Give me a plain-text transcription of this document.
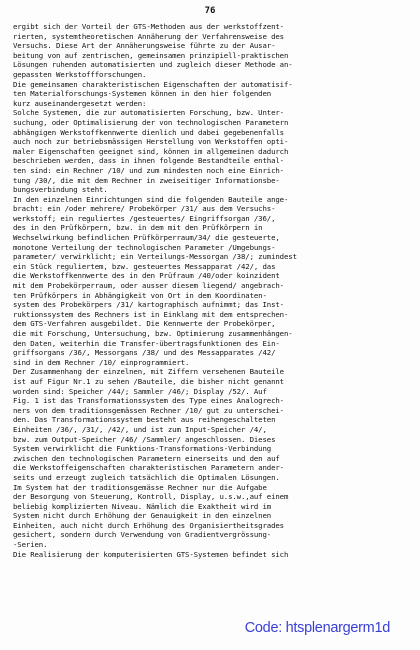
76
ergibt sich der Vorteil der GTS-Methoden aus der werkstoffzent-
rierten, systemtheoretischen Annäherung der Verfahrensweise des
Versuchs. Diese Art der Annäherungsweise führte zu der Ausar-
beitung von auf zentrischen, gemeinsamen prinzipiell-praktischen
Lösungen ruhenden automatisierten und zugleich dieser Methode an-
gepassten Werkstoffforschungen.
Die gemeinsamen charakteristischen Eigenschaften der automatisif-
ten Materialforschungs-Systemen können in den hier folgenden
kurz auseinandergesetzt werden:
Solche Systemen, die zur automatisierten Forschung, bzw. Unter-
suchung, oder Optimalisierung der von technologischen Parametern
abhängigen Werkstoffkennwerte dienlich und dabei gegebenenfalls
auch noch zur betriebsmässigen Herstellung von Werkstoffen opti-
maler Eigenschaften geeignet sind, können im allgemeinen dadurch
beschrieben werden, dass in ihnen folgende Bestandteile enthal-
ten sind: ein Rechner /10/ und zum mindesten noch eine Einrich-
tung /30/, die mit dem Rechner in zweiseitiger Informationsbe-
bungsverbindung steht.
In den einzelnen Einrichtungen sind die folgenden Bauteile ange-
bracht: ein /oder mehrere/ Probekörper /31/ aus dem Versuchs-
werkstoff; ein reguliertes /gesteuertes/ Eingriffsorgan /36/,
des in den Prüfkörpern, bzw. in dem mit den Prüfkörpern in
Wechselwirkung befindlichen Prüfkörperraum/34/ die gesteuerte,
monotone Verteilung der technologischen Parameter /Umgebungs-
parameter/ verwirklicht; ein Verteilungs-Messorgan /38/; zumindest
ein Stück reguliertem, bzw. gesteuertes Messapparat /42/, das
die Werkstoffkennwerte des in den Prüfraum /40/oder koinzident
mit dem Probekörperraum, oder ausser diesem liegend/ angebrach-
ten Prüfkörpers in Abhängigkeit von Ort in dem Koordinaten-
system des Probekörpers /31/ kartographisch aufnimmt; das Inst-
ruktionssystem des Rechners ist in Einklang mit dem entsprechen-
dem GTS-Verfahren ausgebildet. Die Kennwerte der Probekörper,
die mit Forschung, Untersuchung, bzw. Optimierung zusammenhängen-
den Daten, weiterhin die Transfer-übertragsfunktionen des Ein-
griffsorgans /36/, Messorgans /38/ und des Messapparates /42/
sind in dem Rechner /10/ einprogrammiert.
Der Zusammenhang der einzelnen, mit Ziffern versehenen Bauteile
ist auf Figur Nr.1 zu sehen /Bauteile, die bisher nicht genannt
worden sind: Speicher /44/; Sammler /46/; Display /52/. Auf
Fig. 1 ist das Transformationssystem des Type eines Analogrech-
ners von dem traditionsgemässen Rechner /10/ gut zu unterschei-
den. Das Transformationssystem besteht aus reihengeschalteten
Einheiten /36/, /31/, /42/, und ist zum Input-Speicher /4/,
bzw. zum Output-Speicher /46/ /Sammler/ angeschlossen. Dieses
System verwirklicht die Funktions-Transformations-Verbindung
zwischen den technologischen Parametern einerseits und den auf
die Werkstoffeigenschaften charakteristischen Parametern ander-
seits und erzeugt zugleich tatsächlich die Optimalen Lösungen.
Im System hat der traditionsgemässe Rechner nur die Aufgabe
der Besorgung von Steuerung, Kontroll, Display, u.s.w.,auf einem
beliebig komplizierten Niveau. Nämlich die Exaktheit wird im
System nicht durch Erhöhung der Genauigkeit in den einzelnen
Einheiten, auch nicht durch Erhöhung des Organisiertheitsgrades
gesichert, sondern durch Verwendung von Gradientvergrössung-
-Serien.
Die Realisierung der komputerisierten GTS-Systemen befindet sich
Code: htsplenargerm1d
